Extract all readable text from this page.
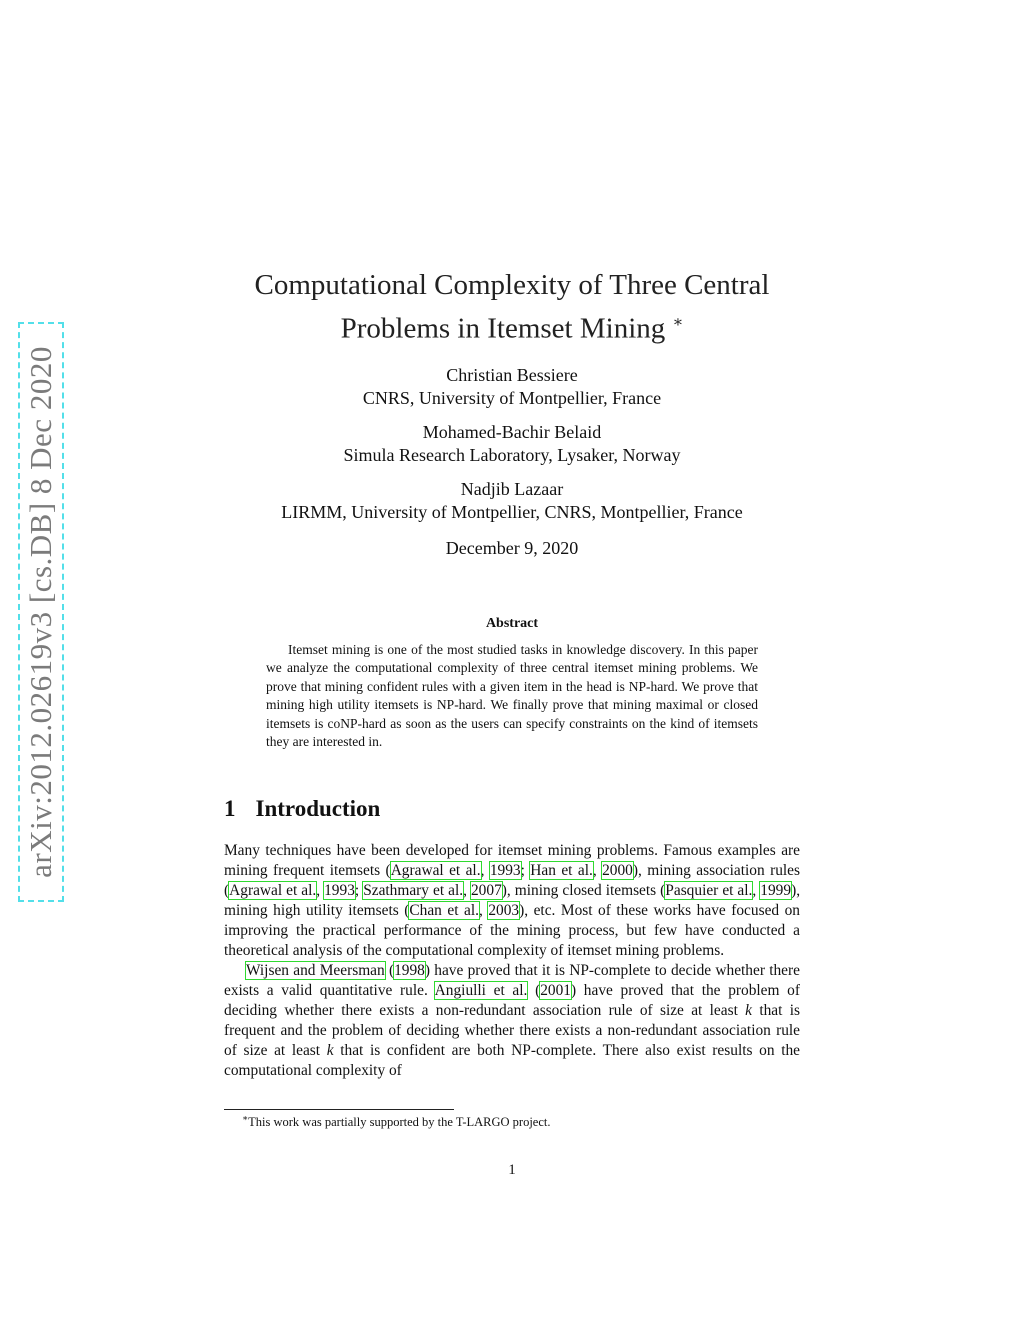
arXiv:2012.02619v3 [cs.DB] 8 Dec 2020
Computational Complexity of Three Central
Problems in Itemset Mining ∗
Christian Bessiere
CNRS, University of Montpellier, France
Mohamed-Bachir Belaid
Simula Research Laboratory, Lysaker, Norway
Nadjib Lazaar
LIRMM, University of Montpellier, CNRS, Montpellier, France
December 9, 2020
Abstract
Itemset mining is one of the most studied tasks in knowledge discovery. In this paper we analyze the computational complexity of three central itemset mining problems. We prove that mining confident rules with a given item in the head is NP-hard. We prove that mining high utility itemsets is NP-hard. We finally prove that mining maximal or closed itemsets is coNP-hard as soon as the users can specify constraints on the kind of itemsets they are interested in.
1 Introduction

Many techniques have been developed for itemset mining problems. Famous examples are mining frequent itemsets (Agrawal et al., 1993; Han et al., 2000), mining association rules (Agrawal et al., 1993; Szathmary et al., 2007), mining closed itemsets (Pasquier et al., 1999), mining high utility itemsets (Chan et al., 2003), etc. Most of these works have focused on improving the practical performance of the mining process, but few have conducted a theoretical analysis of the computational complexity of itemset mining problems.

Wijsen and Meersman (1998) have proved that it is NP-complete to decide whether there exists a valid quantitative rule. Angiulli et al. (2001) have proved that the problem of deciding whether there exists a non-redundant association rule of size at least k that is frequent and the problem of deciding whether there exists a non-redundant association rule of size at least k that is confident are both NP-complete. There also exist results on the computational complexity of

∗This work was partially supported by the T-LARGO project.
1
